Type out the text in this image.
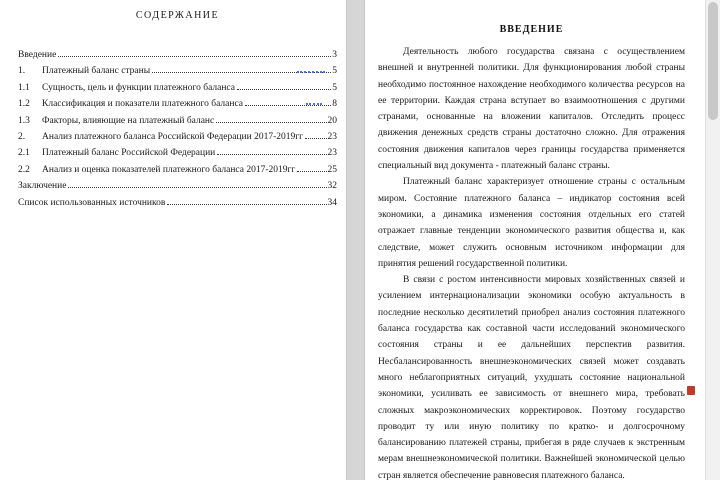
СОДЕРЖАНИЕ
Введение	3
1.	Платежный баланс страны	5
1.1	Сущность, цель и функции платежного баланса	5
1.2	Классификация и показатели платежного баланса	8
1.3	Факторы, влияющие на платежный баланс	20
2.	Анализ платежного баланса Российской Федерации 2017-2019гг	23
2.1	Платежный баланс Российской Федерации	23
2.2	Анализ и оценка показателей платежного баланса 2017-2019гг	25
Заключение	32
Список использованных источников	34
ВВЕДЕНИЕ

Деятельность любого государства связана с осуществлением внешней и внутренней политики. Для функционирования любой страны необходимо постоянное нахождение необходимого количества ресурсов на ее территории. Каждая страна вступает во взаимоотношения с другими странами, основанные на вложении капиталов. Отследить процесс движения денежных средств страны достаточно сложно. Для отражения состояния движения капиталов через границы государства применяется специальный вид документа - платежный баланс страны.

Платежный баланс характеризует отношение страны с остальным миром. Состояние платежного баланса – индикатор состояния всей экономики, а динамика изменения состояния отдельных его статей отражает главные тенденции экономического развития общества и, как следствие, может служить основным источником информации для принятия решений государственной политики.

В связи с ростом интенсивности мировых хозяйственных связей и усилением интернационализации экономики особую актуальность в последние несколько десятилетий приобрел анализ состояния платежного баланса государства как составной части исследований экономического состояния страны и ее дальнейших перспектив развития. Несбалансированность внешнеэкономических связей может создавать много неблагоприятных ситуаций, ухудшать состояние национальной экономики, усиливать ее зависимость от внешнего мира, требовать сложных макроэкономических корректировок. Поэтому государство проводит ту или иную политику по кратко- и долгосрочному балансированию платежей страны, прибегая в ряде случаев к экстренным мерам внешнеэкономической политики. Важнейшей экономической целью стран является обеспечение равновесия платежного баланса.
